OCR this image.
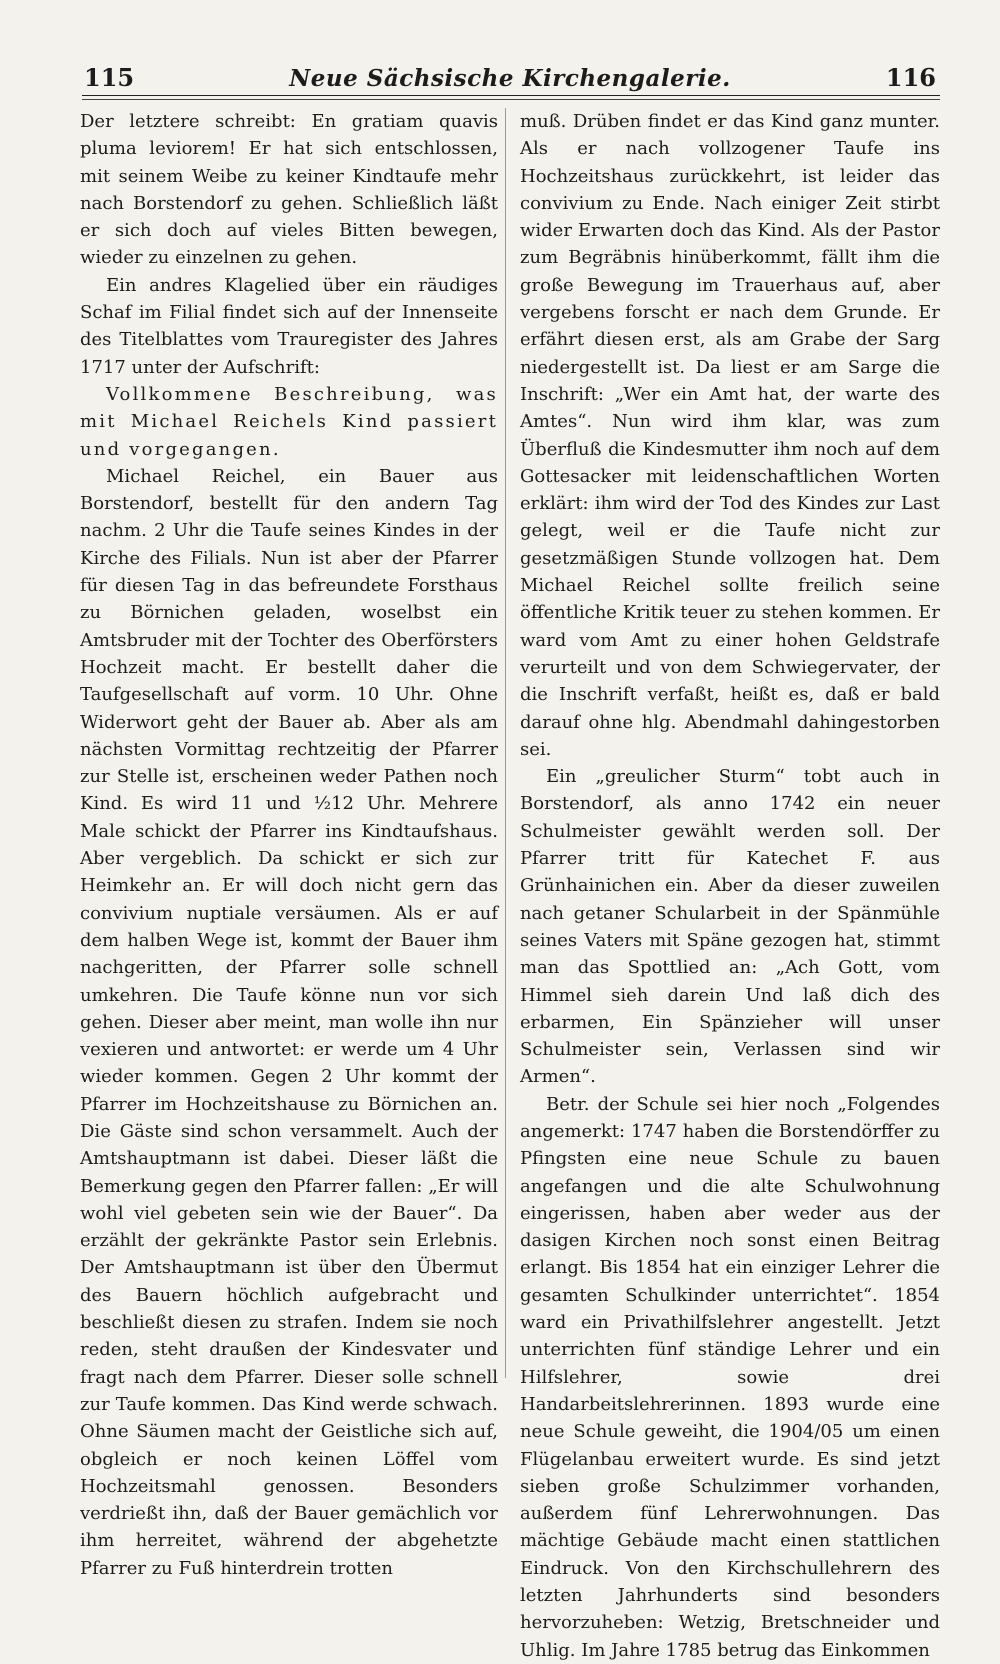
115	Neue Sächsische Kirchengalerie.	116

Der letztere schreibt: En gratiam quavis pluma leviorem! Er hat sich entschlossen, mit seinem Weibe zu keiner Kindtaufe mehr nach Borstendorf zu gehen. Schließlich läßt er sich doch auf vieles Bitten bewegen, wieder zu einzelnen zu gehen.

Ein andres Klagelied über ein räudiges Schaf im Filial findet sich auf der Innenseite des Titelblattes vom Trauregister des Jahres 1717 unter der Aufschrift:

Vollkommene Beschreibung, was mit Michael Reichels Kind passiert und vorgegangen.

Michael Reichel, ein Bauer aus Borstendorf, bestellt für den andern Tag nachm. 2 Uhr die Taufe seines Kindes in der Kirche des Filials. Nun ist aber der Pfarrer für diesen Tag in das befreundete Forsthaus zu Börnichen geladen, woselbst ein Amtsbruder mit der Tochter des Oberförsters Hochzeit macht. Er bestellt daher die Taufgesellschaft auf vorm. 10 Uhr. Ohne Widerwort geht der Bauer ab. Aber als am nächsten Vormittag rechtzeitig der Pfarrer zur Stelle ist, erscheinen weder Pathen noch Kind. Es wird 11 und ½12 Uhr. Mehrere Male schickt der Pfarrer ins Kindtaufshaus. Aber vergeblich. Da schickt er sich zur Heimkehr an. Er will doch nicht gern das convivium nuptiale versäumen. Als er auf dem halben Wege ist, kommt der Bauer ihm nachgeritten, der Pfarrer solle schnell umkehren. Die Taufe könne nun vor sich gehen. Dieser aber meint, man wolle ihn nur vexieren und antwortet: er werde um 4 Uhr wieder kommen. Gegen 2 Uhr kommt der Pfarrer im Hochzeitshause zu Börnichen an. Die Gäste sind schon versammelt. Auch der Amtshauptmann ist dabei. Dieser läßt die Bemerkung gegen den Pfarrer fallen: „Er will wohl viel gebeten sein wie der Bauer“. Da erzählt der gekränkte Pastor sein Erlebnis. Der Amtshauptmann ist über den Übermut des Bauern höchlich aufgebracht und beschließt diesen zu strafen. Indem sie noch reden, steht draußen der Kindesvater und fragt nach dem Pfarrer. Dieser solle schnell zur Taufe kommen. Das Kind werde schwach. Ohne Säumen macht der Geistliche sich auf, obgleich er noch keinen Löffel vom Hochzeitsmahl genossen. Besonders verdrießt ihn, daß der Bauer gemächlich vor ihm herreitet, während der abgehetzte Pfarrer zu Fuß hinterdrein trotten

muß. Drüben findet er das Kind ganz munter. Als er nach vollzogener Taufe ins Hochzeitshaus zurückkehrt, ist leider das convivium zu Ende. Nach einiger Zeit stirbt wider Erwarten doch das Kind. Als der Pastor zum Begräbnis hinüberkommt, fällt ihm die große Bewegung im Trauerhaus auf, aber vergebens forscht er nach dem Grunde. Er erfährt diesen erst, als am Grabe der Sarg niedergestellt ist. Da liest er am Sarge die Inschrift: „Wer ein Amt hat, der warte des Amtes“. Nun wird ihm klar, was zum Überfluß die Kindesmutter ihm noch auf dem Gottesacker mit leidenschaftlichen Worten erklärt: ihm wird der Tod des Kindes zur Last gelegt, weil er die Taufe nicht zur gesetzmäßigen Stunde vollzogen hat. Dem Michael Reichel sollte freilich seine öffentliche Kritik teuer zu stehen kommen. Er ward vom Amt zu einer hohen Geldstrafe verurteilt und von dem Schwiegervater, der die Inschrift verfaßt, heißt es, daß er bald darauf ohne hlg. Abendmahl dahingestorben sei.

Ein „greulicher Sturm“ tobt auch in Borstendorf, als anno 1742 ein neuer Schulmeister gewählt werden soll. Der Pfarrer tritt für Katechet F. aus Grünhainichen ein. Aber da dieser zuweilen nach getaner Schularbeit in der Spänmühle seines Vaters mit Späne gezogen hat, stimmt man das Spottlied an: „Ach Gott, vom Himmel sieh darein Und laß dich des erbarmen, Ein Spänzieher will unser Schulmeister sein, Verlassen sind wir Armen“.

Betr. der Schule sei hier noch „Folgendes angemerkt: 1747 haben die Borstendörffer zu Pfingsten eine neue Schule zu bauen angefangen und die alte Schulwohnung eingerissen, haben aber weder aus der dasigen Kirchen noch sonst einen Beitrag erlangt. Bis 1854 hat ein einziger Lehrer die gesamten Schulkinder unterrichtet“. 1854 ward ein Privathilfslehrer angestellt. Jetzt unterrichten fünf ständige Lehrer und ein Hilfslehrer, sowie drei Handarbeitslehrerinnen. 1893 wurde eine neue Schule geweiht, die 1904/05 um einen Flügelanbau erweitert wurde. Es sind jetzt sieben große Schulzimmer vorhanden, außerdem fünf Lehrerwohnungen. Das mächtige Gebäude macht einen stattlichen Eindruck. Von den Kirchschullehrern des letzten Jahrhunderts sind besonders hervorzuheben: Wetzig, Bretschneider und Uhlig. Im Jahre 1785 betrug das Einkommen
